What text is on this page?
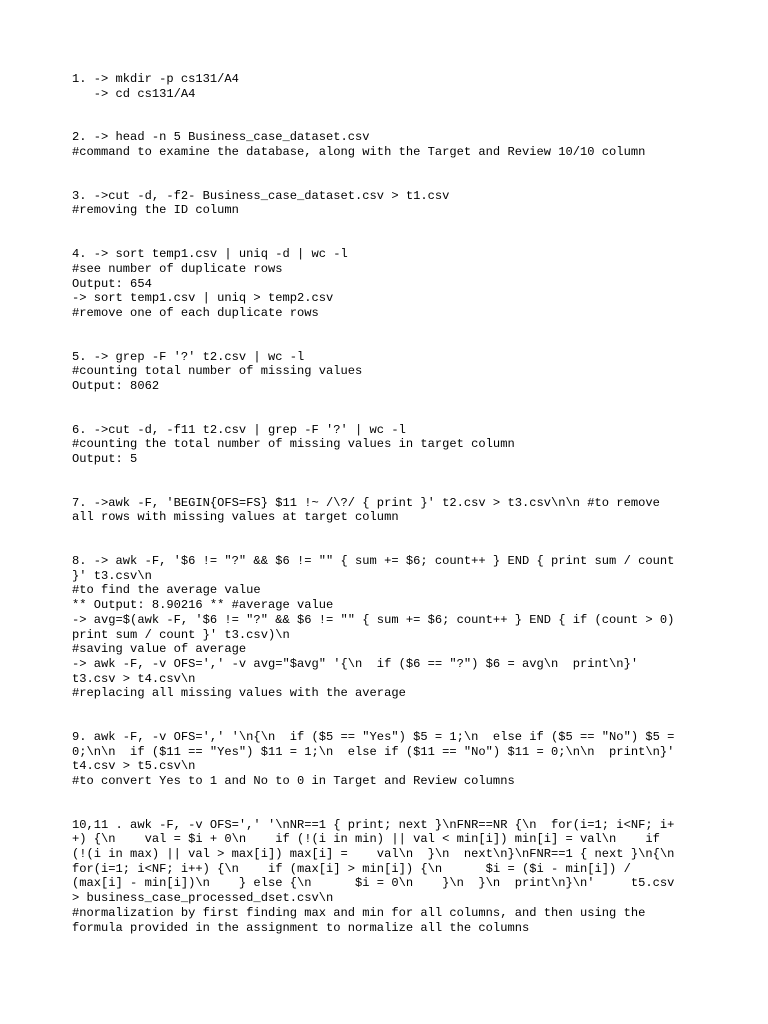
1. -> mkdir -p cs131/A4
-> cd cs131/A4
2. -> head -n 5 Business_case_dataset.csv
#command to examine the database, along with the Target and Review 10/10 column
3. ->cut -d, -f2- Business_case_dataset.csv > t1.csv
#removing the ID column
4. -> sort temp1.csv | uniq -d | wc -l
#see number of duplicate rows
Output: 654
-> sort temp1.csv | uniq > temp2.csv
#remove one of each duplicate rows
5. -> grep -F '?' t2.csv | wc -l
#counting total number of missing values
Output: 8062
6. ->cut -d, -f11 t2.csv | grep -F '?' | wc -l
#counting the total number of missing values in target column
Output: 5
7. ->awk -F, 'BEGIN{OFS=FS} $11 !~ /\?/ { print }' t2.csv > t3.csv\n\n #to remove
all rows with missing values at target column
8. -> awk -F, '$6 != "?" && $6 != "" { sum += $6; count++ } END { print sum / count
}' t3.csv\n
#to find the average value
** Output: 8.90216 ** #average value
-> avg=$(awk -F, '$6 != "?" && $6 != "" { sum += $6; count++ } END { if (count > 0)
print sum / count }' t3.csv)\n
#saving value of average
-> awk -F, -v OFS=',' -v avg="$avg" '{\n  if ($6 == "?") $6 = avg\n  print\n}'
t3.csv > t4.csv\n
#replacing all missing values with the average
9. awk -F, -v OFS=',' '\n{\n  if ($5 == "Yes") $5 = 1;\n  else if ($5 == "No") $5 =
0;\n\n  if ($11 == "Yes") $11 = 1;\n  else if ($11 == "No") $11 = 0;\n\n  print\n}'
t4.csv > t5.csv\n
#to convert Yes to 1 and No to 0 in Target and Review columns
10,11 . awk -F, -v OFS=',' '\nNR==1 { print; next }\nFNR==NR {\n  for(i=1; i<NF; i+
+) {\n    val = $i + 0\n    if (!(i in min) || val < min[i]) min[i] = val\n    if
(!(i in max) || val > max[i]) max[i] =    val\n  }\n  next\n}\nFNR==1 { next }\n{\n
for(i=1; i<NF; i++) {\n    if (max[i] > min[i]) {\n      $i = ($i - min[i]) /
(max[i] - min[i])\n    } else {\n      $i = 0\n    }\n  }\n  print\n}\n'     t5.csv
> business_case_processed_dset.csv\n
#normalization by first finding max and min for all columns, and then using the
formula provided in the assignment to normalize all the columns
